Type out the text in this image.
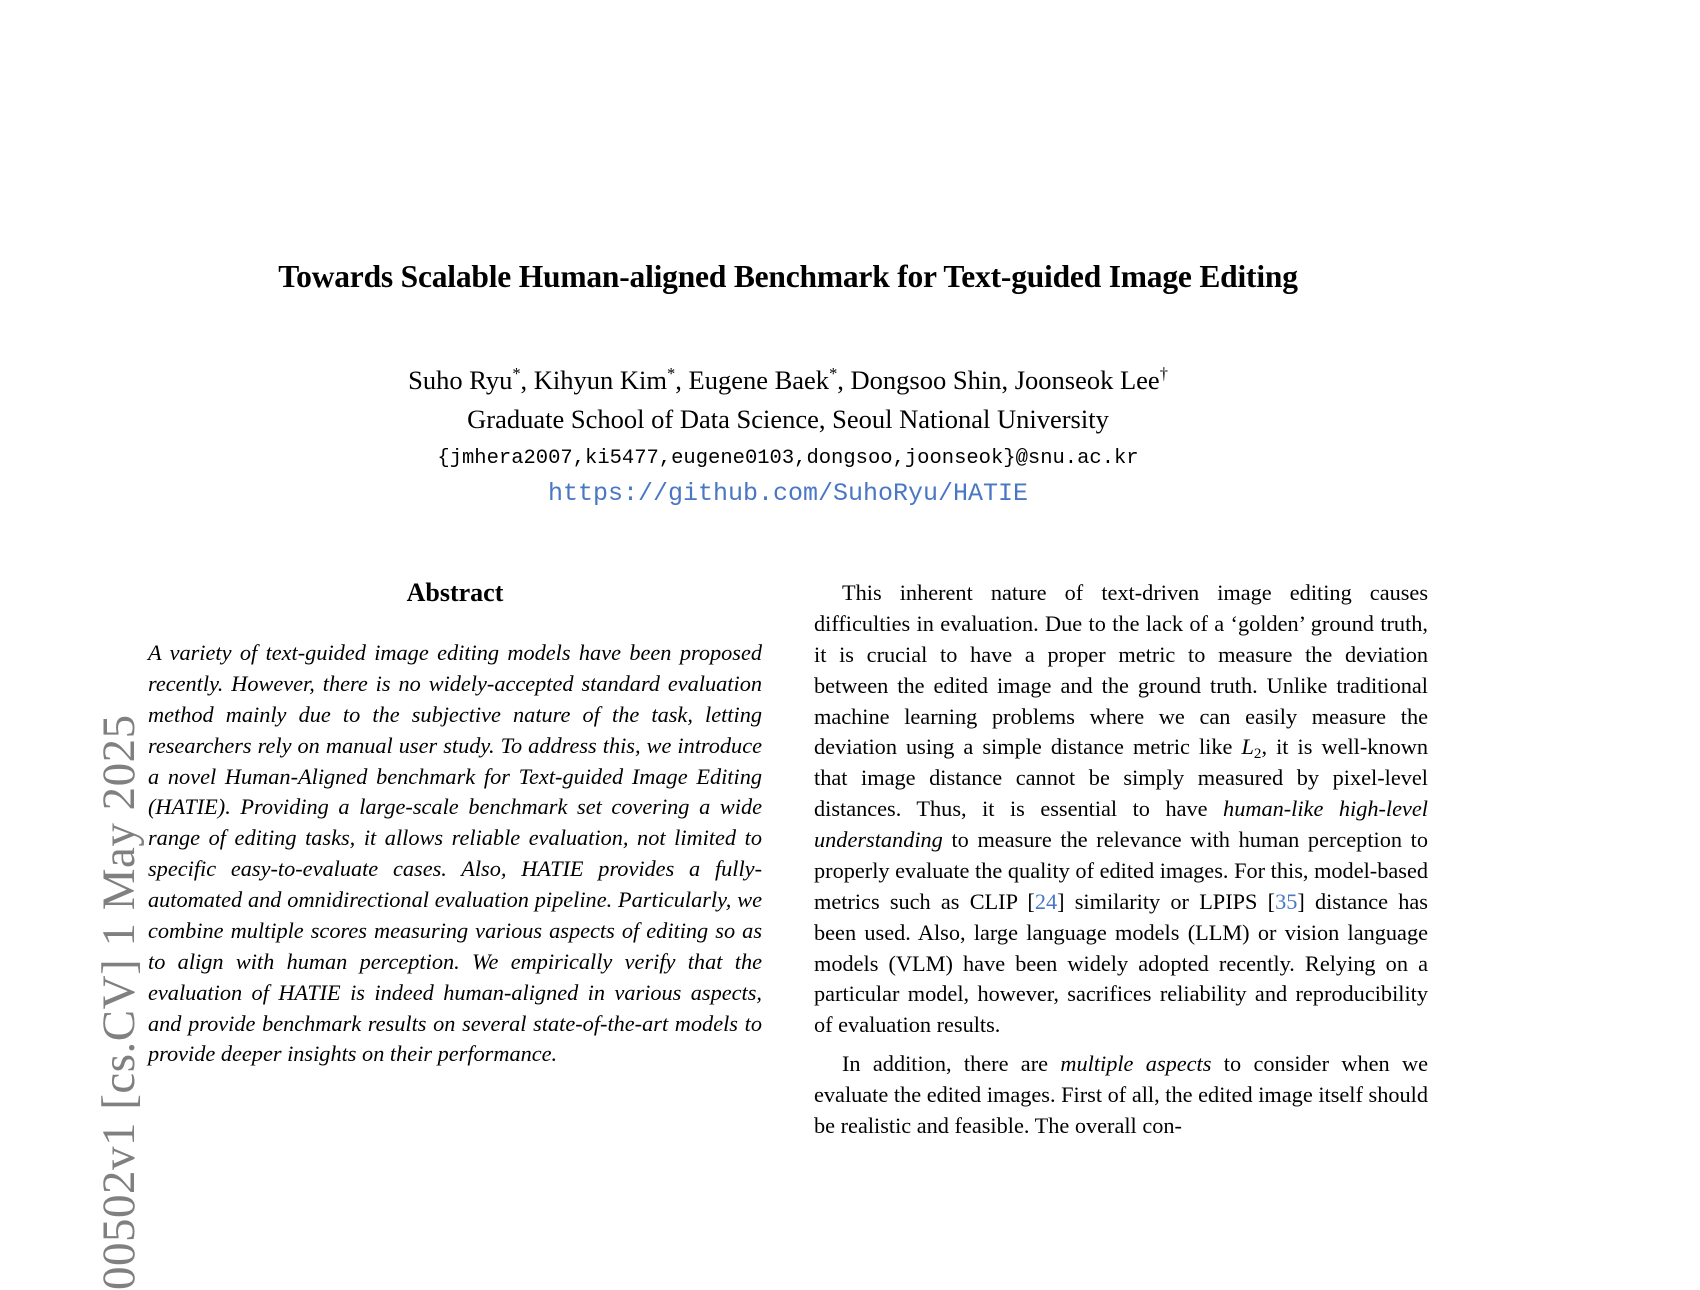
00502v1 [cs.CV] 1 May 2025
Towards Scalable Human-aligned Benchmark for Text-guided Image Editing

Suho Ryu*, Kihyun Kim*, Eugene Baek*, Dongsoo Shin, Joonseok Lee†

Graduate School of Data Science, Seoul National University

{jmhera2007,ki5477,eugene0103,dongsoo,joonseok}@snu.ac.kr

https://github.com/SuhoRyu/HATIE
Abstract

A variety of text-guided image editing models have been proposed recently. However, there is no widely-accepted standard evaluation method mainly due to the subjective nature of the task, letting researchers rely on manual user study. To address this, we introduce a novel Human-Aligned benchmark for Text-guided Image Editing (HATIE). Providing a large-scale benchmark set covering a wide range of editing tasks, it allows reliable evaluation, not limited to specific easy-to-evaluate cases. Also, HATIE provides a fully-automated and omnidirectional evaluation pipeline. Particularly, we combine multiple scores measuring various aspects of editing so as to align with human perception. We empirically verify that the evaluation of HATIE is indeed human-aligned in various aspects, and provide benchmark results on several state-of-the-art models to provide deeper insights on their performance.

This inherent nature of text-driven image editing causes difficulties in evaluation. Due to the lack of a ‘golden’ ground truth, it is crucial to have a proper metric to measure the deviation between the edited image and the ground truth. Unlike traditional machine learning problems where we can easily measure the deviation using a simple distance metric like $L_2$, it is well-known that image distance cannot be simply measured by pixel-level distances. Thus, it is essential to have human-like high-level understanding to measure the relevance with human perception to properly evaluate the quality of edited images. For this, model-based metrics such as CLIP [24] similarity or LPIPS [35] distance has been used. Also, large language models (LLM) or vision language models (VLM) have been widely adopted recently. Relying on a particular model, however, sacrifices reliability and reproducibility of evaluation results.

In addition, there are multiple aspects to consider when we evaluate the edited images. First of all, the edited image itself should be realistic and feasible. The overall con-
